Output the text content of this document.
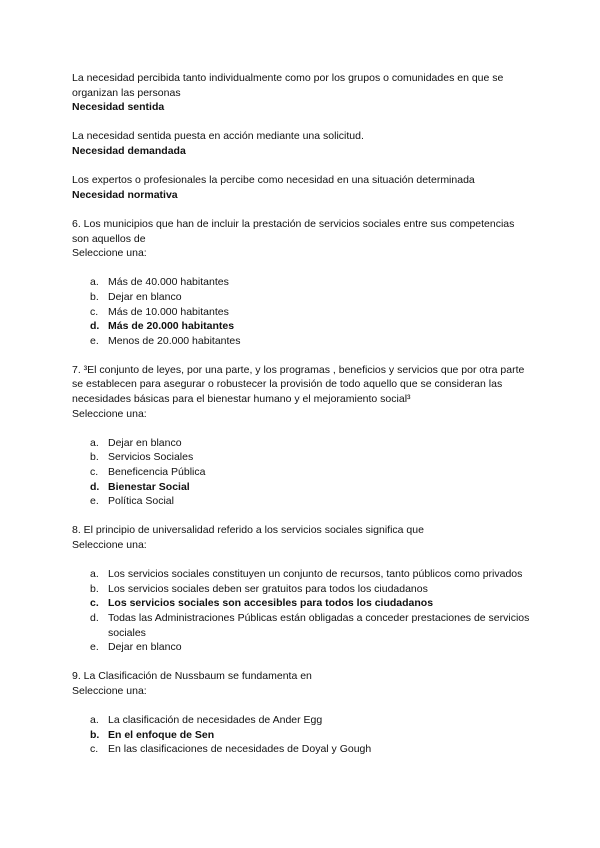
La necesidad percibida tanto individualmente como por los grupos o comunidades en que se organizan las personas
Necesidad sentida
La necesidad sentida puesta en acción mediante una solicitud.
Necesidad demandada
Los expertos o profesionales la percibe como necesidad en una situación determinada
Necesidad normativa
6. Los municipios que han de incluir la prestación de servicios sociales entre sus competencias son aquellos de
Seleccione una:
a. Más de 40.000 habitantes
b. Dejar en blanco
c. Más de 10.000 habitantes
d. Más de 20.000 habitantes
e. Menos de 20.000 habitantes
7. ³El conjunto de leyes, por una parte, y los programas , beneficios y servicios que por otra parte se establecen para asegurar o robustecer la provisión de todo aquello que se consideran las necesidades básicas para el bienestar humano y el mejoramiento social³
Seleccione una:
a. Dejar en blanco
b. Servicios Sociales
c. Beneficencia Pública
d. Bienestar Social
e. Política Social
8. El principio de universalidad referido a los servicios sociales significa que
Seleccione una:
a. Los servicios sociales constituyen un conjunto de recursos, tanto públicos como privados
b. Los servicios sociales deben ser gratuitos para todos los ciudadanos
c. Los servicios sociales son accesibles para todos los ciudadanos
d. Todas las Administraciones Públicas están obligadas a conceder prestaciones de servicios sociales
e. Dejar en blanco
9. La Clasificación de Nussbaum se fundamenta en
Seleccione una:
a. La clasificación de necesidades de Ander Egg
b. En el enfoque de Sen
c. En las clasificaciones de necesidades de Doyal y Gough
